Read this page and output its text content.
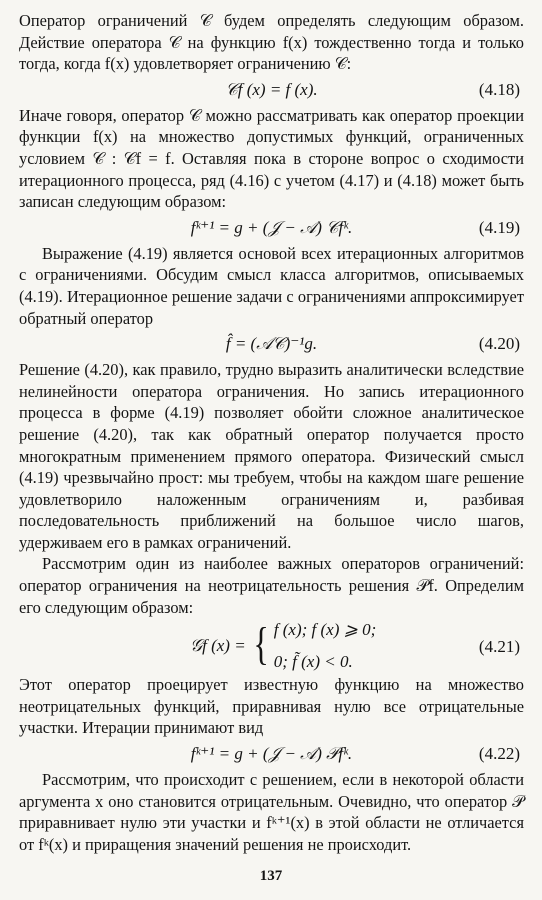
Оператор ограничений 𝒞 будем определять следующим образом. Действие оператора 𝒞 на функцию f(x) тождественно тогда и только тогда, когда f(x) удовлетворяет ограничению 𝒞:

𝒞f (x) = f (x).	(4.18)

Иначе говоря, оператор 𝒞 можно рассматривать как оператор проекции функции f(x) на множество допустимых функций, ограниченных условием 𝒞 : 𝒞f = f. Оставляя пока в стороне вопрос о сходимости итерационного процесса, ряд (4.16) с учетом (4.17) и (4.18) может быть записан следующим образом:

fᵏ⁺¹ = g + (𝒥 − 𝒜) 𝒞fᵏ.	(4.19)

Выражение (4.19) является основой всех итерационных алгоритмов с ограничениями. Обсудим смысл класса алгоритмов, описываемых (4.19). Итерационное решение задачи с ограничениями аппроксимирует обратный оператор

f̂ = (𝒜𝒞)⁻¹g.	(4.20)

Решение (4.20), как правило, трудно выразить аналитически вследствие нелинейности оператора ограничения. Но запись итерационного процесса в форме (4.19) позволяет обойти сложное аналитическое решение (4.20), так как обратный оператор получается просто многократным применением прямого оператора. Физический смысл (4.19) чрезвычайно прост: мы требуем, чтобы на каждом шаге решение удовлетворило наложенным ограничениям и, разбивая последовательность приближений на большое число шагов, удерживаем его в рамках ограничений.

Рассмотрим один из наиболее важных операторов ограничений: оператор ограничения на неотрицательность решения 𝒫f. Определим его следующим образом:

𝒢f (x) = { f (x); f (x) ⩾ 0;
0; f̃ (x) < 0.
(4.21)

Этот оператор проецирует известную функцию на множество неотрицательных функций, приравнивая нулю все отрицательные участки. Итерации принимают вид

fᵏ⁺¹ = g + (𝒥 − 𝒜) 𝒫fᵏ.	(4.22)

Рассмотрим, что происходит с решением, если в некоторой области аргумента x оно становится отрицательным. Очевидно, что оператор 𝒫 приравнивает нулю эти участки и fᵏ⁺¹(x) в этой области не отличается от fᵏ(x) и приращения значений решения не происходит.

137
